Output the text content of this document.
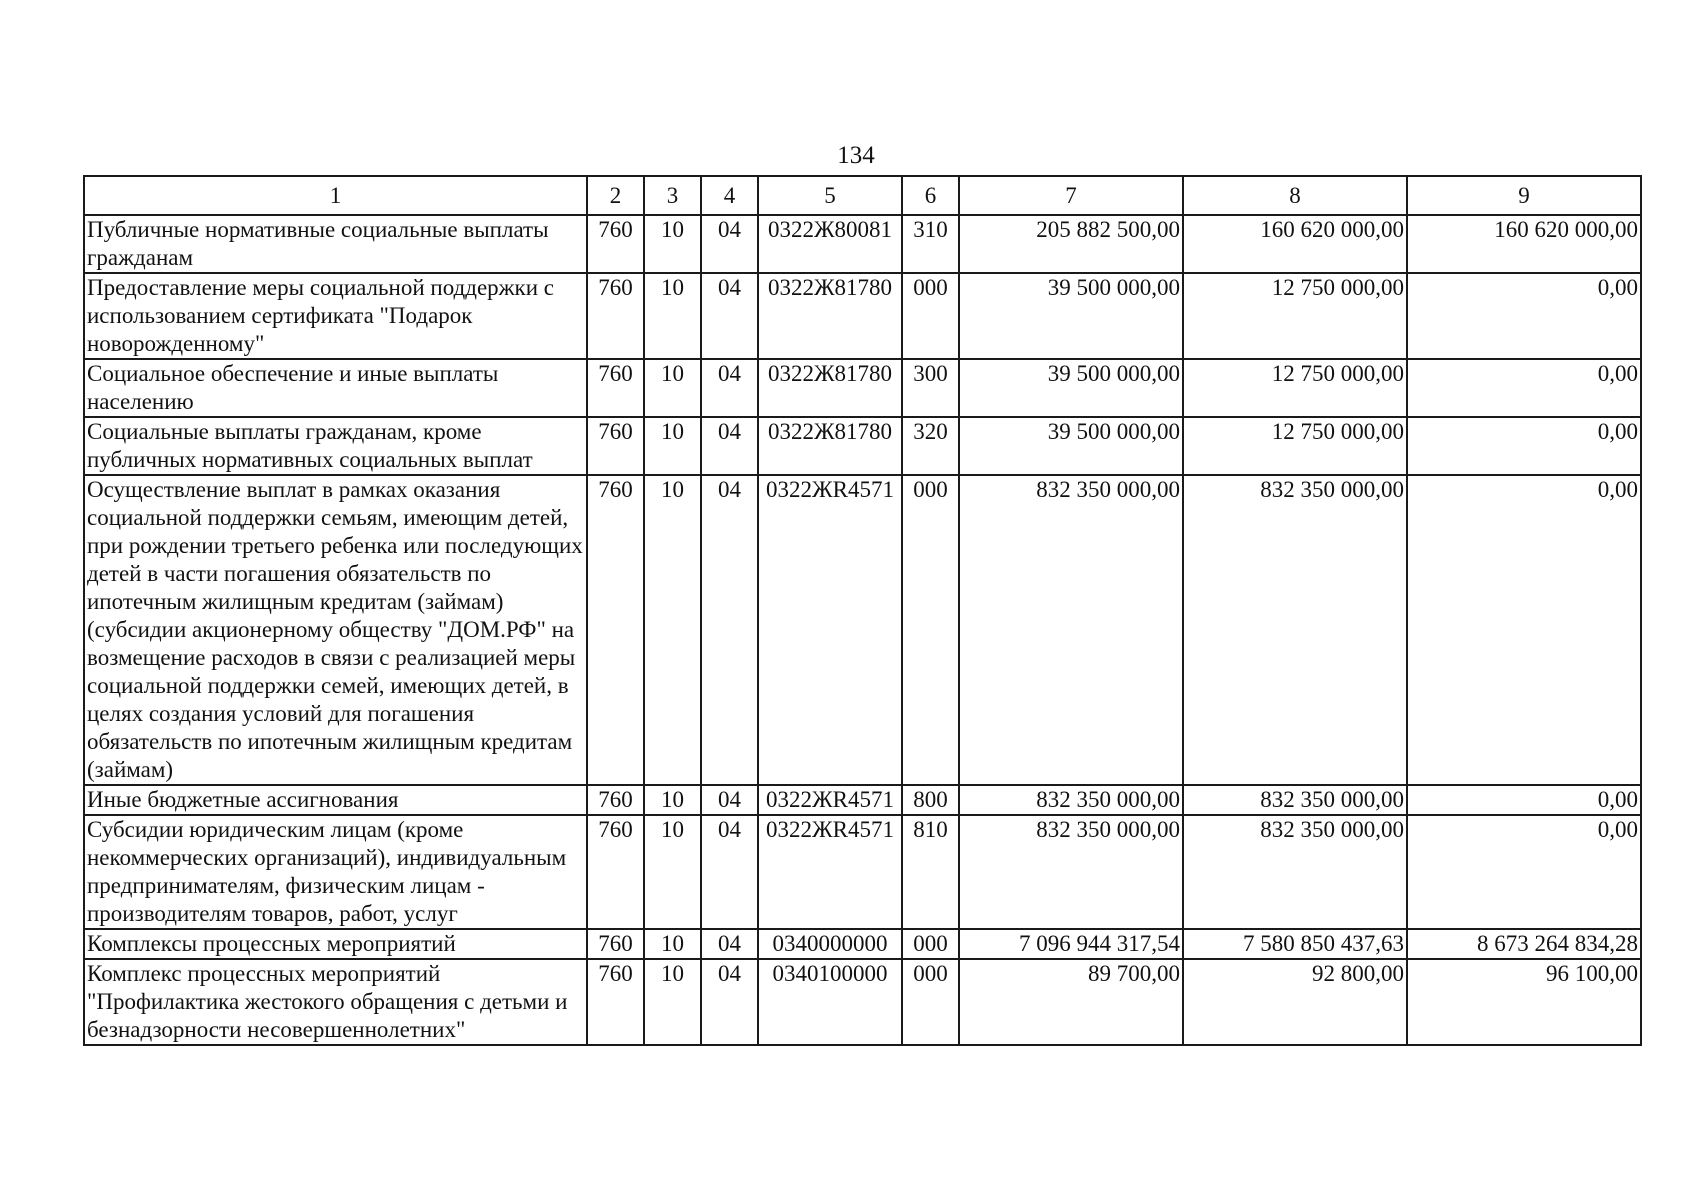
134
1	2	3	4	5	6	7	8	9
Публичные нормативные социальные выплаты гражданам	760	10	04	0322Ж80081	310	205 882 500,00	160 620 000,00	160 620 000,00
Предоставление меры социальной поддержки с использованием сертификата "Подарок новорожденному"	760	10	04	0322Ж81780	000	39 500 000,00	12 750 000,00	0,00
Социальное обеспечение и иные выплаты населению	760	10	04	0322Ж81780	300	39 500 000,00	12 750 000,00	0,00
Социальные выплаты гражданам, кроме публичных нормативных социальных выплат	760	10	04	0322Ж81780	320	39 500 000,00	12 750 000,00	0,00
Осуществление выплат в рамках оказания социальной поддержки семьям, имеющим детей, при рождении третьего ребенка или последующих детей в части погашения обязательств по ипотечным жилищным кредитам (займам) (субсидии акционерному обществу "ДОМ.РФ" на возмещение расходов в связи с реализацией меры социальной поддержки семей, имеющих детей, в целях создания условий для погашения обязательств по ипотечным жилищным кредитам (займам)	760	10	04	0322ЖR4571	000	832 350 000,00	832 350 000,00	0,00
Иные бюджетные ассигнования	760	10	04	0322ЖR4571	800	832 350 000,00	832 350 000,00	0,00
Субсидии юридическим лицам (кроме некоммерческих организаций), индивидуальным предпринимателям, физическим лицам - производителям товаров, работ, услуг	760	10	04	0322ЖR4571	810	832 350 000,00	832 350 000,00	0,00
Комплексы процессных мероприятий	760	10	04	0340000000	000	7 096 944 317,54	7 580 850 437,63	8 673 264 834,28
Комплекс процессных мероприятий "Профилактика жестокого обращения с детьми и безнадзорности несовершеннолетних"	760	10	04	0340100000	000	89 700,00	92 800,00	96 100,00
